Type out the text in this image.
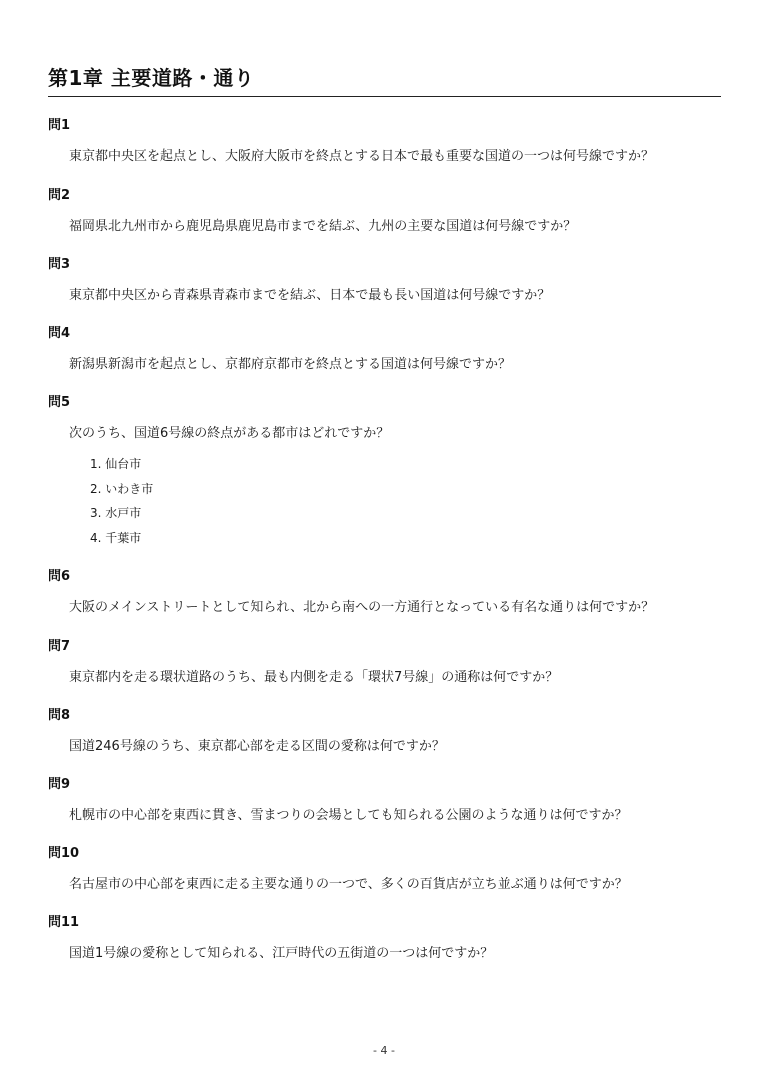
第1章 主要道路・通り
問1
東京都中央区を起点とし、大阪府大阪市を終点とする日本で最も重要な国道の一つは何号線ですか？
問2
福岡県北九州市から鹿児島県鹿児島市までを結ぶ、九州の主要な国道は何号線ですか？
問3
東京都中央区から青森県青森市までを結ぶ、日本で最も長い国道は何号線ですか？
問4
新潟県新潟市を起点とし、京都府京都市を終点とする国道は何号線ですか？
問5
次のうち、国道6号線の終点がある都市はどれですか？
1. 仙台市
2. いわき市
3. 水戸市
4. 千葉市
問6
大阪のメインストリートとして知られ、北から南への一方通行となっている有名な通りは何ですか？
問7
東京都内を走る環状道路のうち、最も内側を走る「環状7号線」の通称は何ですか？
問8
国道246号線のうち、東京都心部を走る区間の愛称は何ですか？
問9
札幌市の中心部を東西に貫き、雪まつりの会場としても知られる公園のような通りは何ですか？
問10
名古屋市の中心部を東西に走る主要な通りの一つで、多くの百貨店が立ち並ぶ通りは何ですか？
問11
国道1号線の愛称として知られる、江戸時代の五街道の一つは何ですか？
- 4 -
